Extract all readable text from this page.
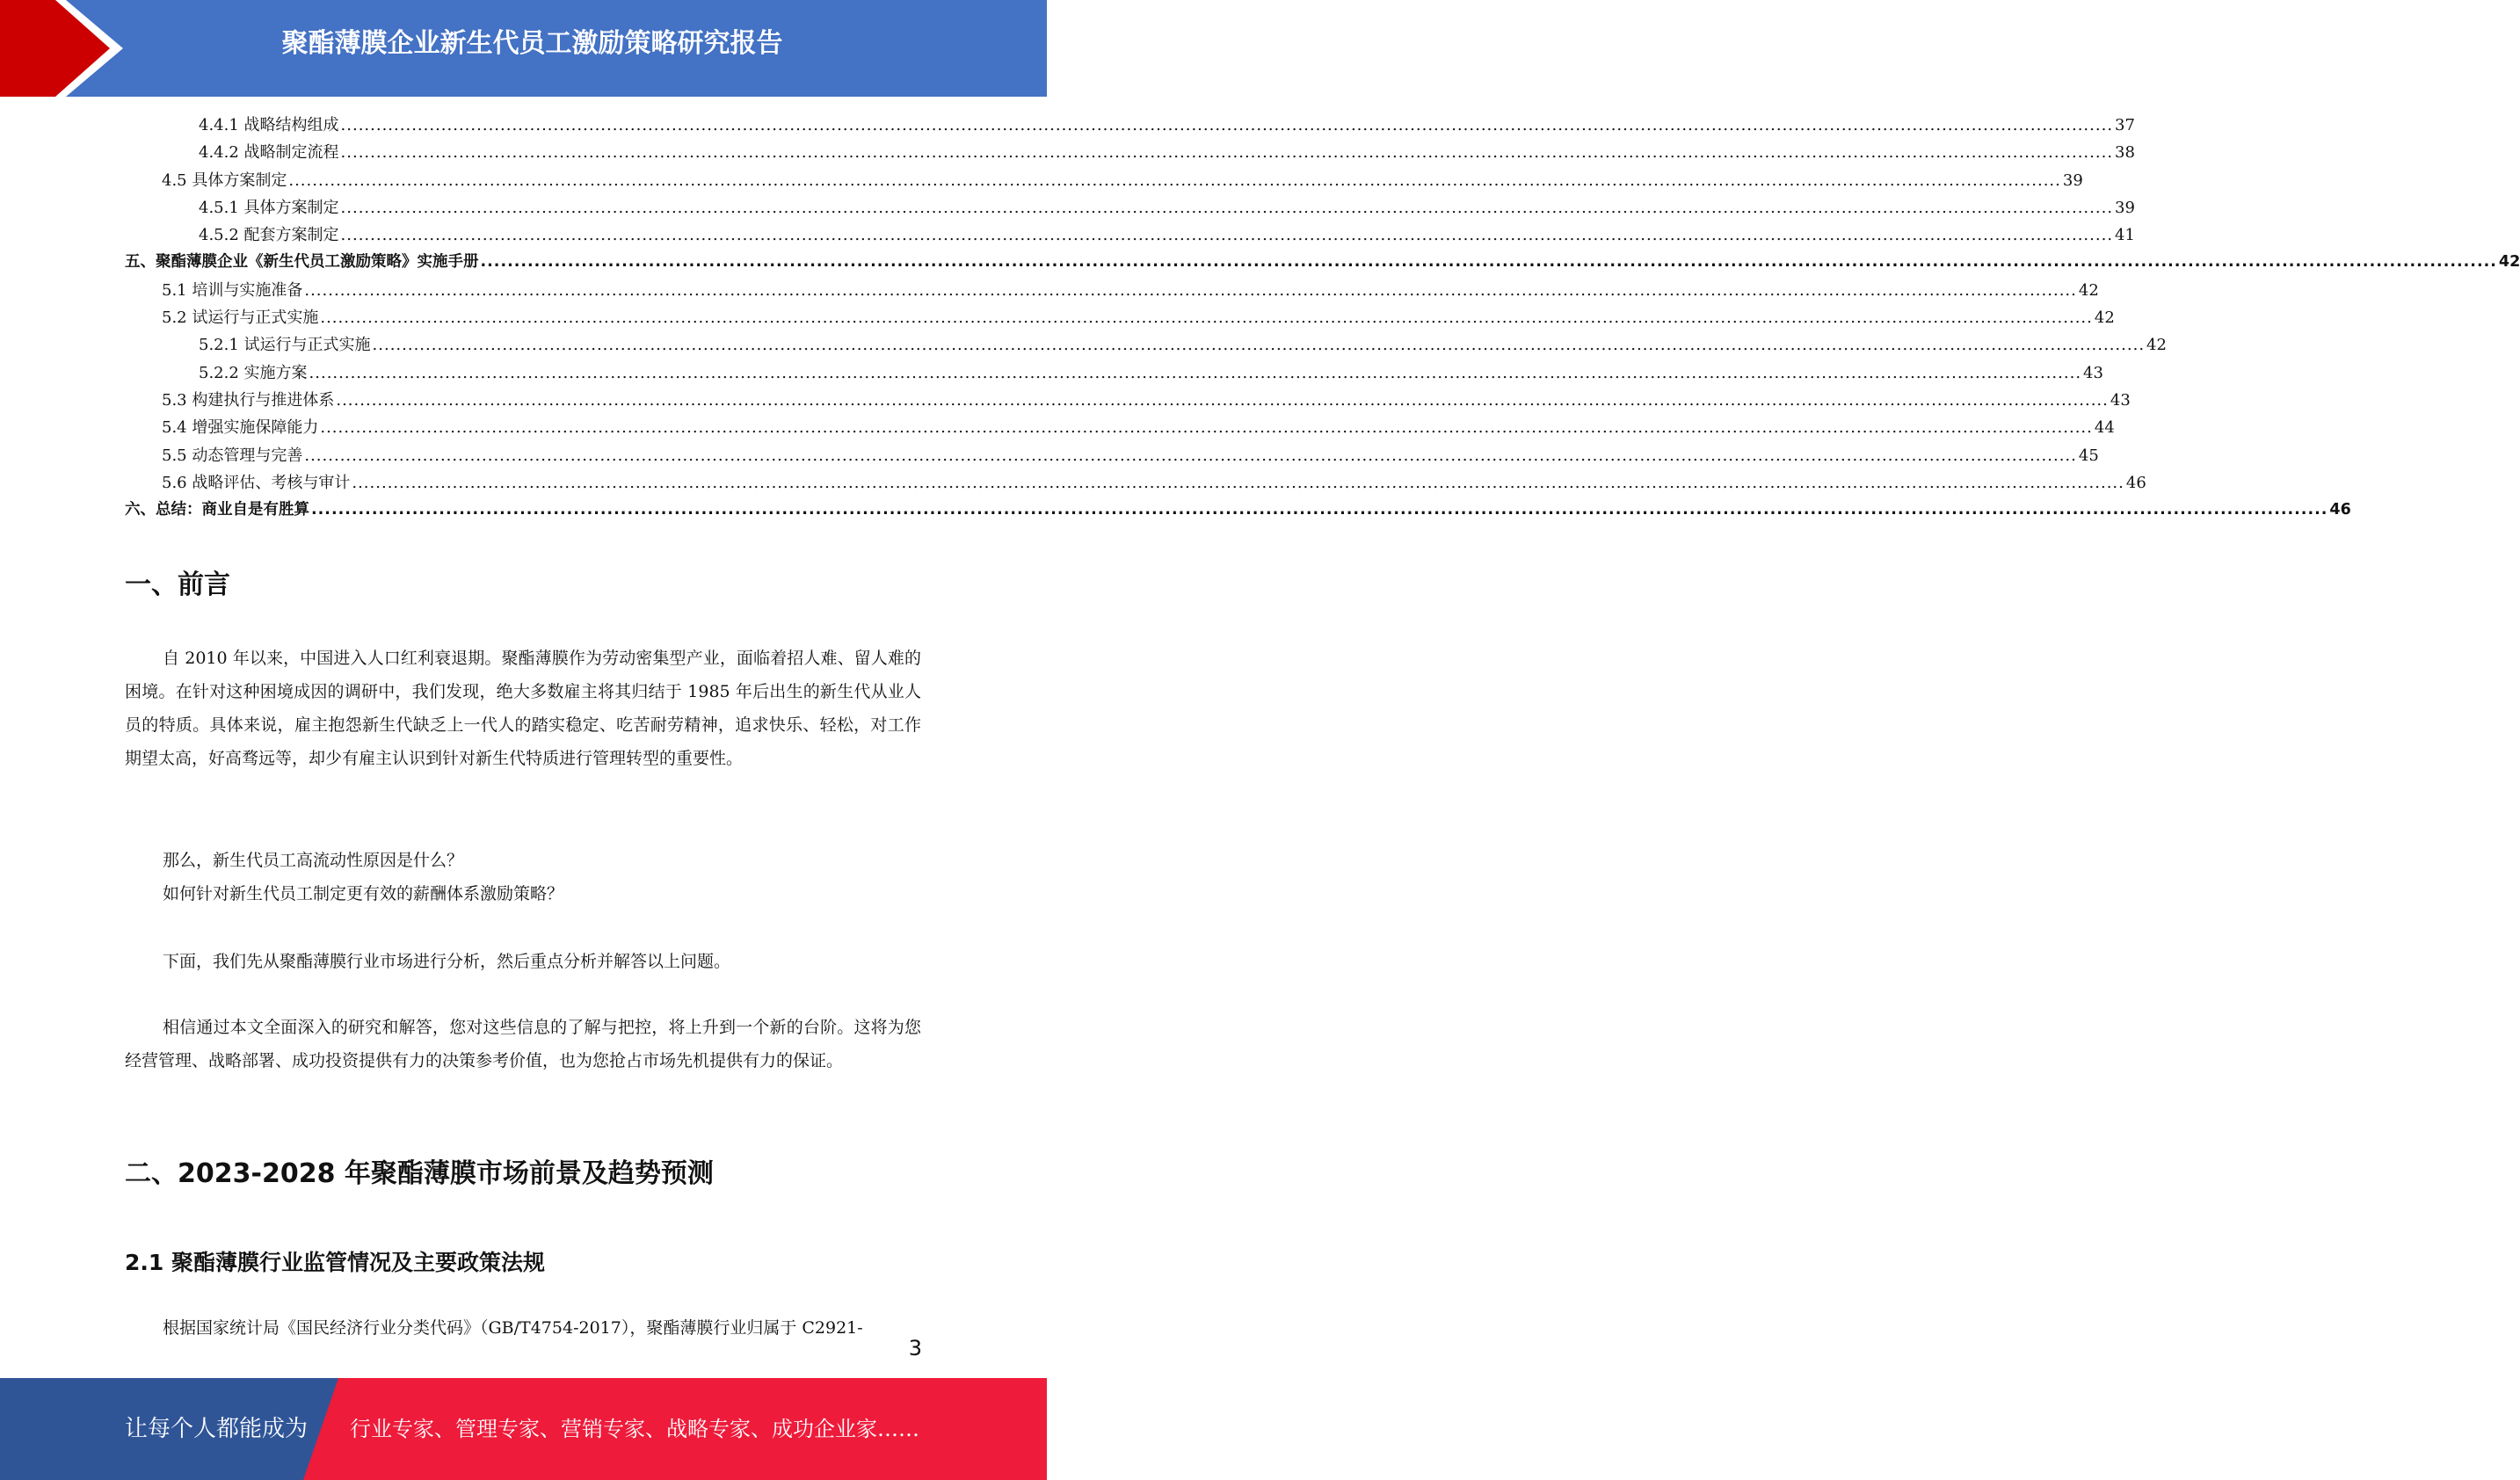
聚酯薄膜企业新生代员工激励策略研究报告
4.4.1 战略结构组成 ............................................................................................................................................................................................................................................................................................................ 37
4.4.2 战略制定流程 ............................................................................................................................................................................................................................................................................................................ 38
4.5 具体方案制定 ............................................................................................................................................................................................................................................................................................................ 39
4.5.1 具体方案制定 ............................................................................................................................................................................................................................................................................................................ 39
4.5.2 配套方案制定 ............................................................................................................................................................................................................................................................................................................ 41
五、聚酯薄膜企业《新生代员工激励策略》实施手册 ............................................................................................................................................................................................................................................................................................................ 42
5.1 培训与实施准备 ............................................................................................................................................................................................................................................................................................................ 42
5.2 试运行与正式实施 ............................................................................................................................................................................................................................................................................................................ 42
5.2.1 试运行与正式实施 ............................................................................................................................................................................................................................................................................................................ 42
5.2.2 实施方案 ............................................................................................................................................................................................................................................................................................................ 43
5.3 构建执行与推进体系 ............................................................................................................................................................................................................................................................................................................ 43
5.4 增强实施保障能力 ............................................................................................................................................................................................................................................................................................................ 44
5.5 动态管理与完善 ............................................................................................................................................................................................................................................................................................................ 45
5.6 战略评估、考核与审计 ............................................................................................................................................................................................................................................................................................................ 46
六、总结：商业自是有胜算 ............................................................................................................................................................................................................................................................................................................ 46
一、前言

自 2010 年以来，中国进入人口红利衰退期。聚酯薄膜作为劳动密集型产业，面临着招人难、留人难的困境。在针对这种困境成因的调研中，我们发现，绝大多数雇主将其归结于 1985 年后出生的新生代从业人员的特质。具体来说，雇主抱怨新生代缺乏上一代人的踏实稳定、吃苦耐劳精神，追求快乐、轻松，对工作期望太高，好高骛远等，却少有雇主认识到针对新生代特质进行管理转型的重要性。

那么，新生代员工高流动性原因是什么？

如何针对新生代员工制定更有效的薪酬体系激励策略？

下面，我们先从聚酯薄膜行业市场进行分析，然后重点分析并解答以上问题。

相信通过本文全面深入的研究和解答，您对这些信息的了解与把控，将上升到一个新的台阶。这将为您经营管理、战略部署、成功投资提供有力的决策参考价值，也为您抢占市场先机提供有力的保证。

二、2023-2028 年聚酯薄膜市场前景及趋势预测
2.1 聚酯薄膜行业监管情况及主要政策法规

根据国家统计局《国民经济行业分类代码》（GB/T4754-2017），聚酯薄膜行业归属于 C2921-

3
让每个人都能成为 行业专家、管理专家、营销专家、战略专家、成功企业家……
